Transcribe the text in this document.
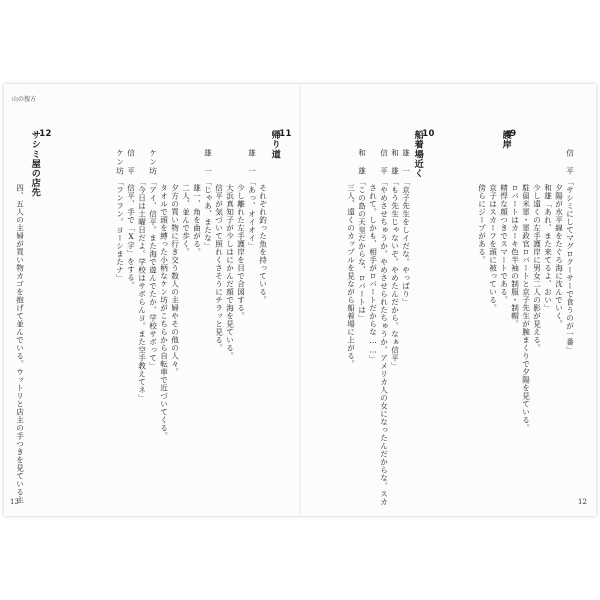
山の捜方
13	12
9
護岸
信　平
「サシミにしてマグロクーサーで食うのが一番」
夕陽が水平線をたぐろ海に沈んでいく。
和雄「あれ、また来てるよ、おい」
少し遠くの左手護岸に男女二人の影が見える。
駐留米軍・軍政官ロバートと京子先生が腕まくりで夕陽を見ている。
ロバートはカーキ色半袖の制服・制帽。
精悍な顔つきでスマートである。
京子はスカーフを頭に被っている。
傍らにジープがある。
10
船着場近く
雄　一
「京子先生をしイだな。やっぱり」
和　雄
「もう先生じゃないぞ。やめたんだから。なぁ信平」
信　平
「やめさせちゅうか。やめさせられたちゅうか。アメリカ人の女になったんだからな。スカ
されて。しかも、相手がロバートだからな……」
和　雄
「この島の天皇だからな、ロバートは」
三人、遠くのカップルを見ながら船着場に上がる。
11
帰り道
それぞれ釣った魚を持っている。
雄　一
「あっ、オイオイ」
少し離れた左手護岸を目で合図する。
大浜真知子が少しはにかんだ顔で海を見ている。
信平が気づいて照れくさそうにチラッと見る。
雄　一
「じゃあ、またな」
雄一、角を曲がる。
二人、並んで歩く。
夕方の買い物に行き交う数人の主婦やその他の人々。
タオルで頭を縛った小柄なケン坊がこちらから自転車で近づいてくる。
ケン坊
「アイ、信平。また海で遊んでたか。学校サボって」
「今日は土曜日だよ。学校はサボらんヨ。また空手教えてネ」
信　平
信平、手で「X字」をする。
ケン坊
「フンフン。ヨーシまたナ」
12
サシミ屋の店先
四、五人の主婦が買い物カゴを抱げて並んでいる。ウットリと店主の手つきを見ている主
